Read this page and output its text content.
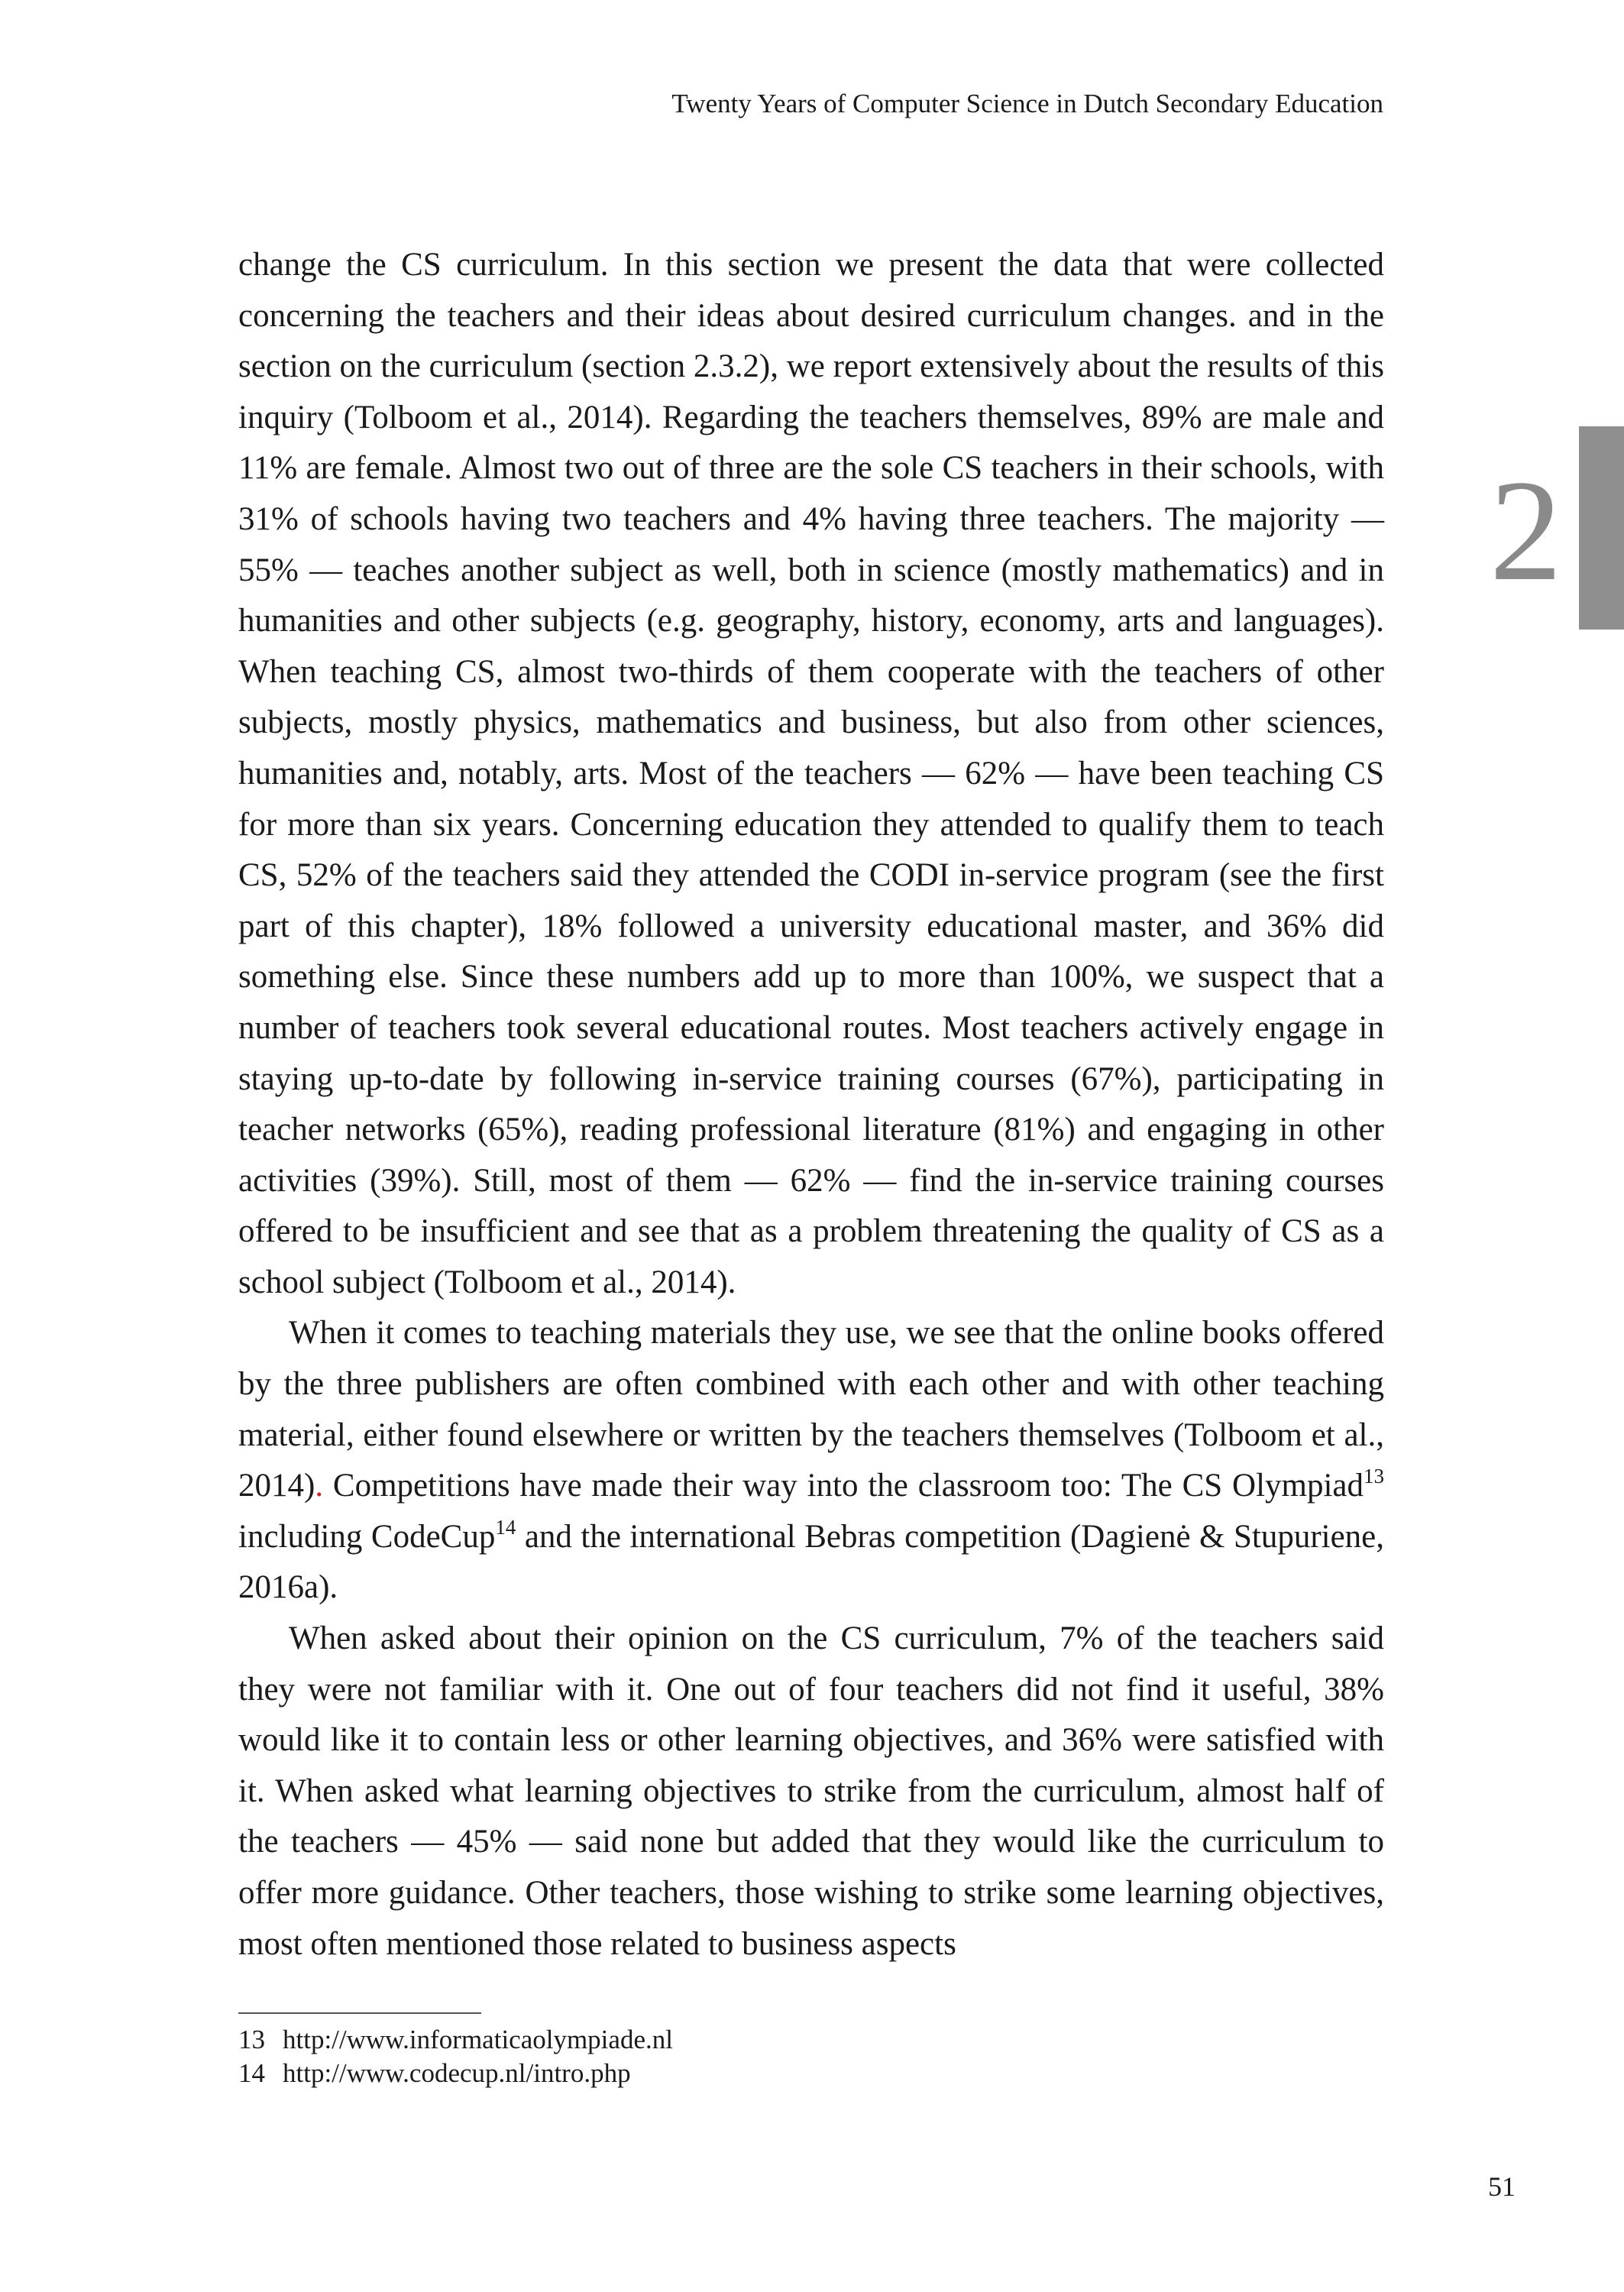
Twenty Years of Computer Science in Dutch Secondary Education
2

change the CS curriculum. In this section we present the data that were collected concerning the teachers and their ideas about desired curriculum changes. and in the section on the curriculum (section 2.3.2), we report extensively about the results of this inquiry (Tolboom et al., 2014). Regarding the teachers themselves, 89% are male and 11% are female. Almost two out of three are the sole CS teachers in their schools, with 31% of schools having two teachers and 4% having three teachers. The majority — 55% — teaches another subject as well, both in science (mostly mathematics) and in humanities and other subjects (e.g. geography, history, economy, arts and languages). When teaching CS, almost two-thirds of them cooperate with the teachers of other subjects, mostly physics, mathematics and business, but also from other sciences, humanities and, notably, arts. Most of the teachers — 62% — have been teaching CS for more than six years. Concerning education they attended to qualify them to teach CS, 52% of the teachers said they attended the CODI in-service program (see the first part of this chapter), 18% followed a university educational master, and 36% did something else. Since these numbers add up to more than 100%, we suspect that a number of teachers took several educational routes. Most teachers actively engage in staying up-to-date by following in-service training courses (67%), participating in teacher networks (65%), reading professional literature (81%) and engaging in other activities (39%). Still, most of them — 62% — find the in-service training courses offered to be insufficient and see that as a problem threatening the quality of CS as a school subject (Tolboom et al., 2014).

When it comes to teaching materials they use, we see that the online books offered by the three publishers are often combined with each other and with other teaching material, either found elsewhere or written by the teachers themselves (Tolboom et al., 2014). Competitions have made their way into the classroom too: The CS Olympiad$^{13}$ including CodeCup$^{14}$ and the international Bebras competition (Dagienė & Stupuriene, 2016a).

When asked about their opinion on the CS curriculum, 7% of the teachers said they were not familiar with it. One out of four teachers did not find it useful, 38% would like it to contain less or other learning objectives, and 36% were satisfied with it. When asked what learning objectives to strike from the curriculum, almost half of the teachers — 45% — said none but added that they would like the curriculum to offer more guidance. Other teachers, those wishing to strike some learning objectives, most often mentioned those related to business aspects

13 http://www.informaticaolympiade.nl
14 http://www.codecup.nl/intro.php
51
